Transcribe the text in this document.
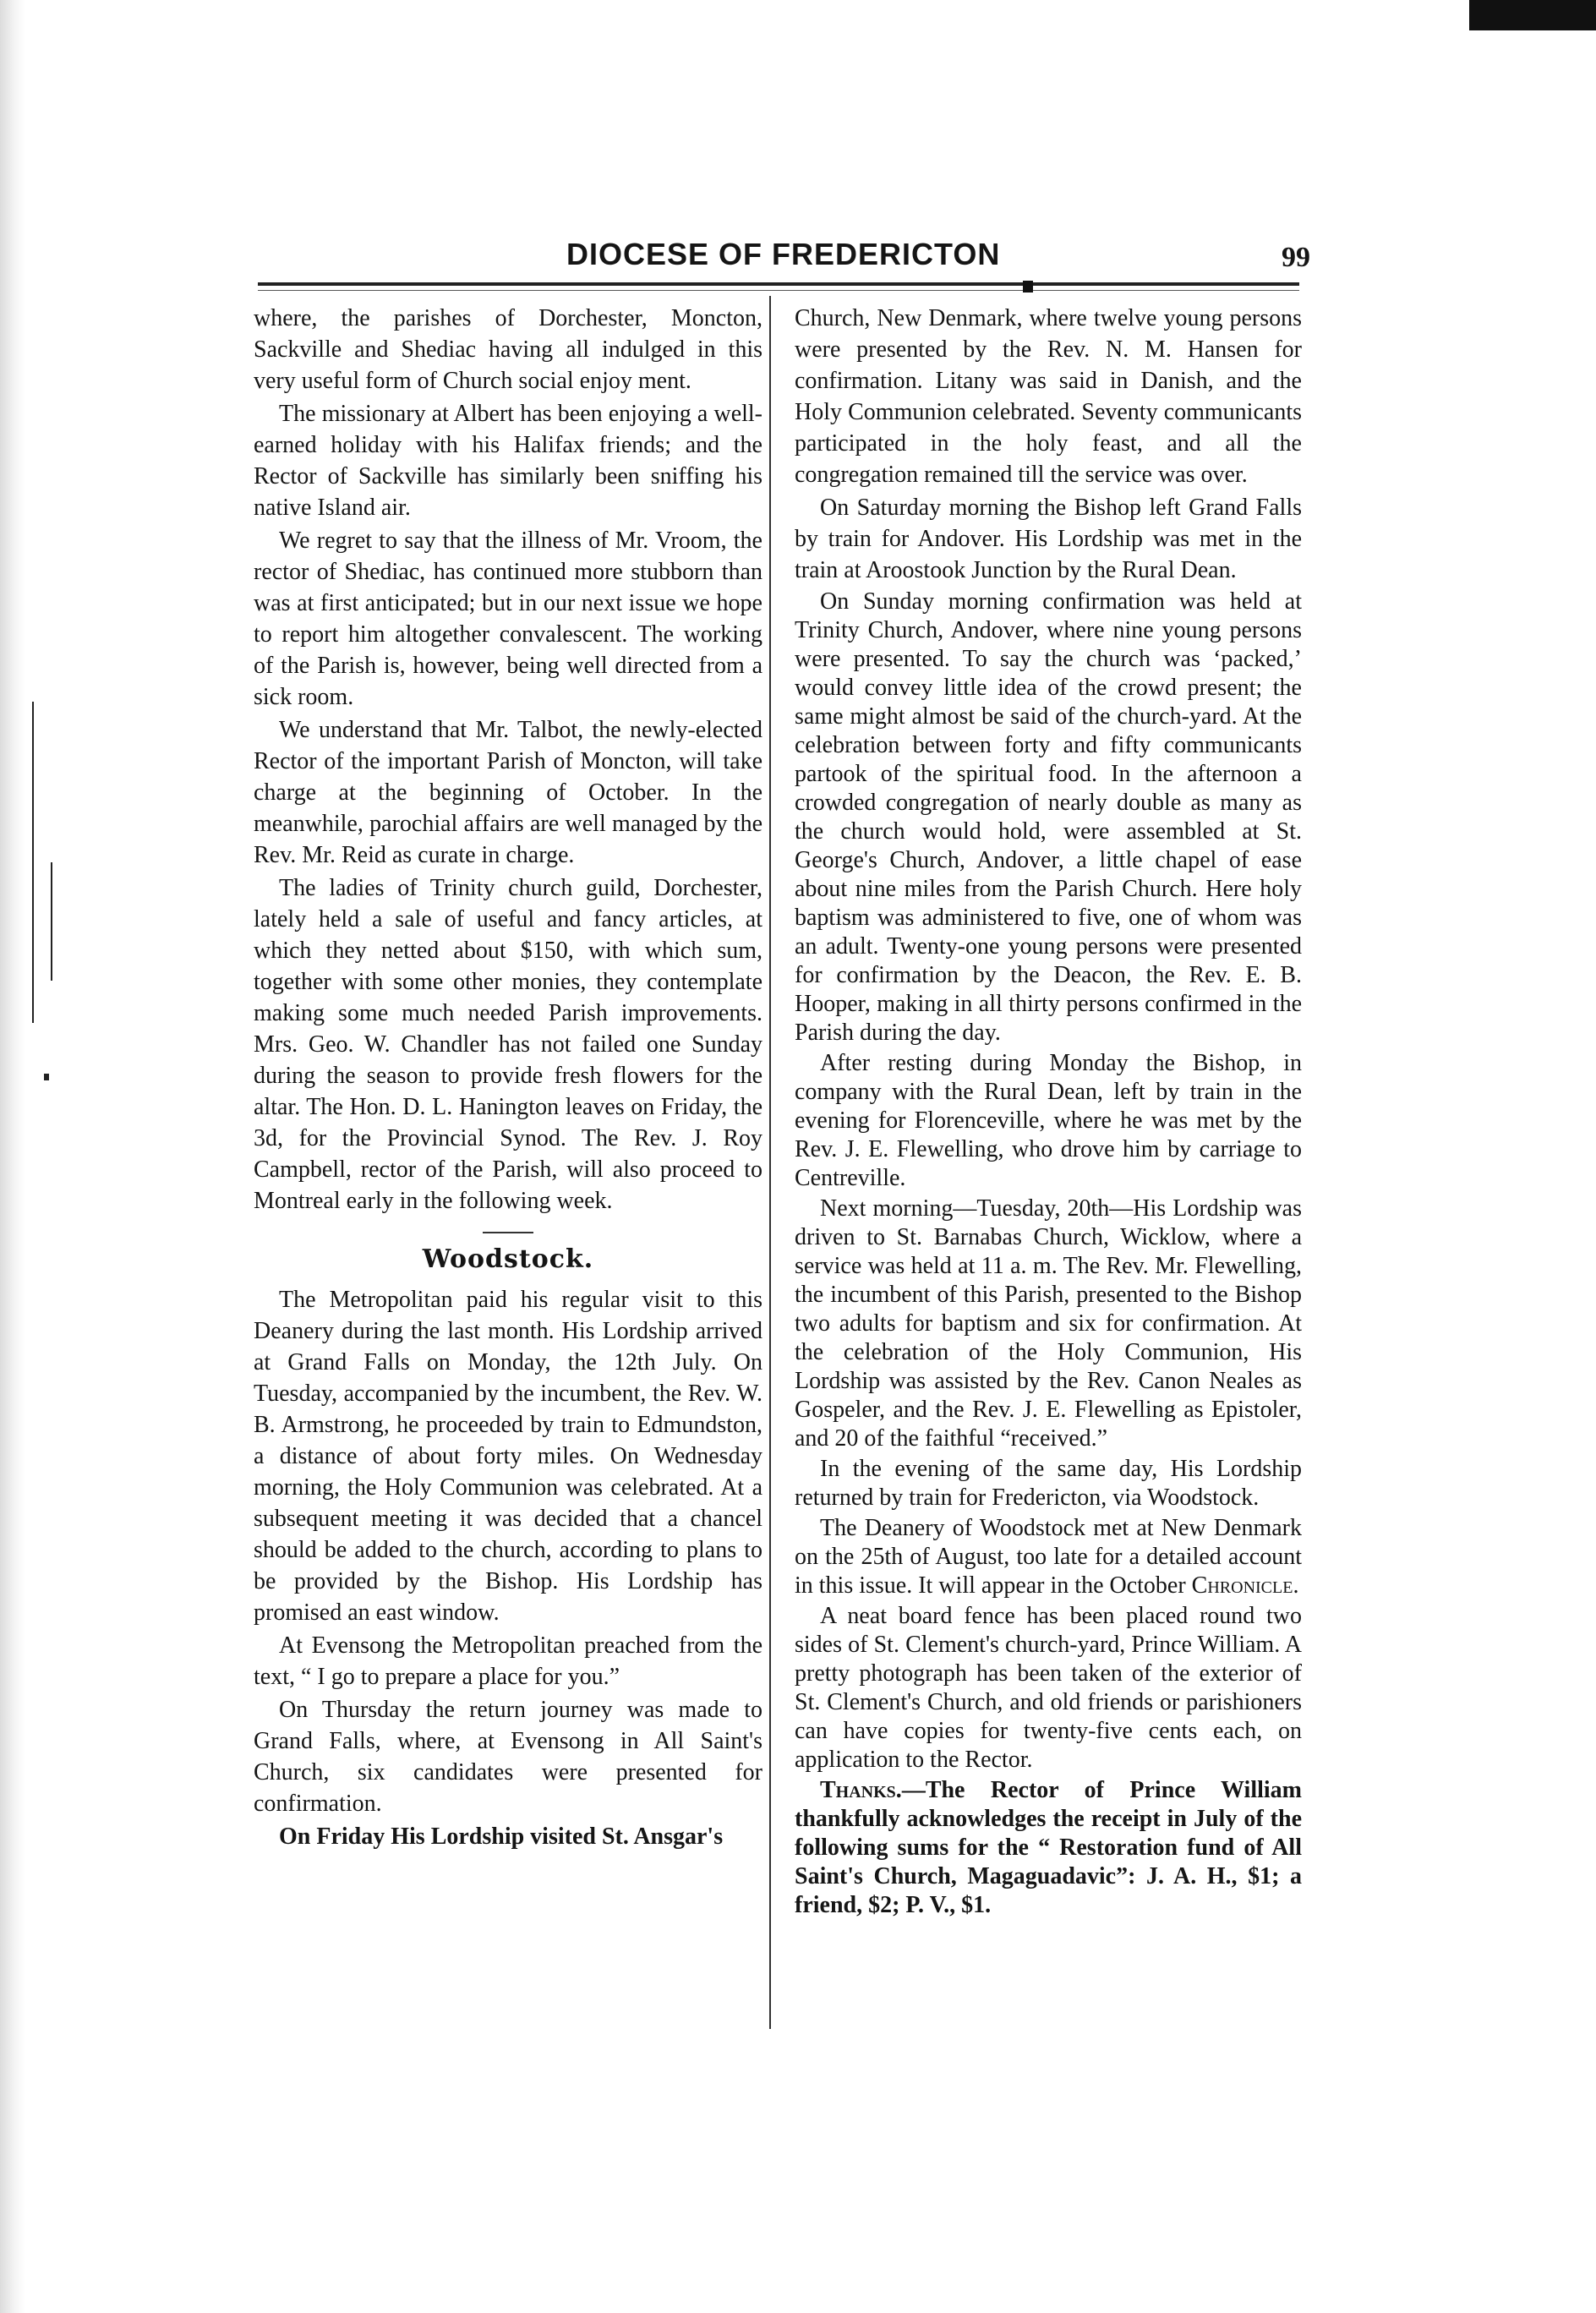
DIOCESE OF FREDERICTON	99

where, the parishes of Dorchester, Moncton, Sackville and Shediac having all indulged in this very useful form of Church social enjoy ment.

The missionary at Albert has been enjoying a well-earned holiday with his Halifax friends; and the Rector of Sackville has similarly been sniffing his native Island air.

We regret to say that the illness of Mr. Vroom, the rector of Shediac, has continued more stubborn than was at first anticipated; but in our next issue we hope to report him altogether convalescent. The working of the Parish is, however, being well directed from a sick room.

We understand that Mr. Talbot, the newly-elected Rector of the important Parish of Moncton, will take charge at the beginning of October. In the meanwhile, parochial affairs are well managed by the Rev. Mr. Reid as curate in charge.

The ladies of Trinity church guild, Dorchester, lately held a sale of useful and fancy articles, at which they netted about $150, with which sum, together with some other monies, they contemplate making some much needed Parish improvements. Mrs. Geo. W. Chandler has not failed one Sunday during the season to provide fresh flowers for the altar. The Hon. D. L. Hanington leaves on Friday, the 3d, for the Provincial Synod. The Rev. J. Roy Campbell, rector of the Parish, will also proceed to Montreal early in the following week.

Woodstock.

The Metropolitan paid his regular visit to this Deanery during the last month. His Lordship arrived at Grand Falls on Monday, the 12th July. On Tuesday, accompanied by the incumbent, the Rev. W. B. Armstrong, he proceeded by train to Edmundston, a distance of about forty miles. On Wednesday morning, the Holy Communion was celebrated. At a subsequent meeting it was decided that a chancel should be added to the church, according to plans to be provided by the Bishop. His Lordship has promised an east window.

At Evensong the Metropolitan preached from the text, “ I go to prepare a place for you.”

On Thursday the return journey was made to Grand Falls, where, at Evensong in All Saint's Church, six candidates were presented for confirmation.

On Friday His Lordship visited St. Ansgar's

Church, New Denmark, where twelve young persons were presented by the Rev. N. M. Hansen for confirmation. Litany was said in Danish, and the Holy Communion celebrated. Seventy communicants participated in the holy feast, and all the congregation remained till the service was over.

On Saturday morning the Bishop left Grand Falls by train for Andover. His Lordship was met in the train at Aroostook Junction by the Rural Dean.

On Sunday morning confirmation was held at Trinity Church, Andover, where nine young persons were presented. To say the church was ‘packed,’ would convey little idea of the crowd present; the same might almost be said of the church-yard. At the celebration between forty and fifty communicants partook of the spiritual food. In the afternoon a crowded congregation of nearly double as many as the church would hold, were assembled at St. George's Church, Andover, a little chapel of ease about nine miles from the Parish Church. Here holy baptism was administered to five, one of whom was an adult. Twenty-one young persons were presented for confirmation by the Deacon, the Rev. E. B. Hooper, making in all thirty persons confirmed in the Parish during the day.

After resting during Monday the Bishop, in company with the Rural Dean, left by train in the evening for Florenceville, where he was met by the Rev. J. E. Flewelling, who drove him by carriage to Centreville.

Next morning—Tuesday, 20th—His Lordship was driven to St. Barnabas Church, Wicklow, where a service was held at 11 a. m. The Rev. Mr. Flewelling, the incumbent of this Parish, presented to the Bishop two adults for baptism and six for confirmation. At the celebration of the Holy Communion, His Lordship was assisted by the Rev. Canon Neales as Gospeler, and the Rev. J. E. Flewelling as Epistoler, and 20 of the faithful “received.”

In the evening of the same day, His Lordship returned by train for Fredericton, via Woodstock.

The Deanery of Woodstock met at New Denmark on the 25th of August, too late for a detailed account in this issue. It will appear in the October Chronicle.

A neat board fence has been placed round two sides of St. Clement's church-yard, Prince William. A pretty photograph has been taken of the exterior of St. Clement's Church, and old friends or parishioners can have copies for twenty-five cents each, on application to the Rector.

Thanks.—The Rector of Prince William thankfully acknowledges the receipt in July of the following sums for the “ Restoration fund of All Saint's Church, Magaguadavic”: J. A. H., $1; a friend, $2; P. V., $1.
